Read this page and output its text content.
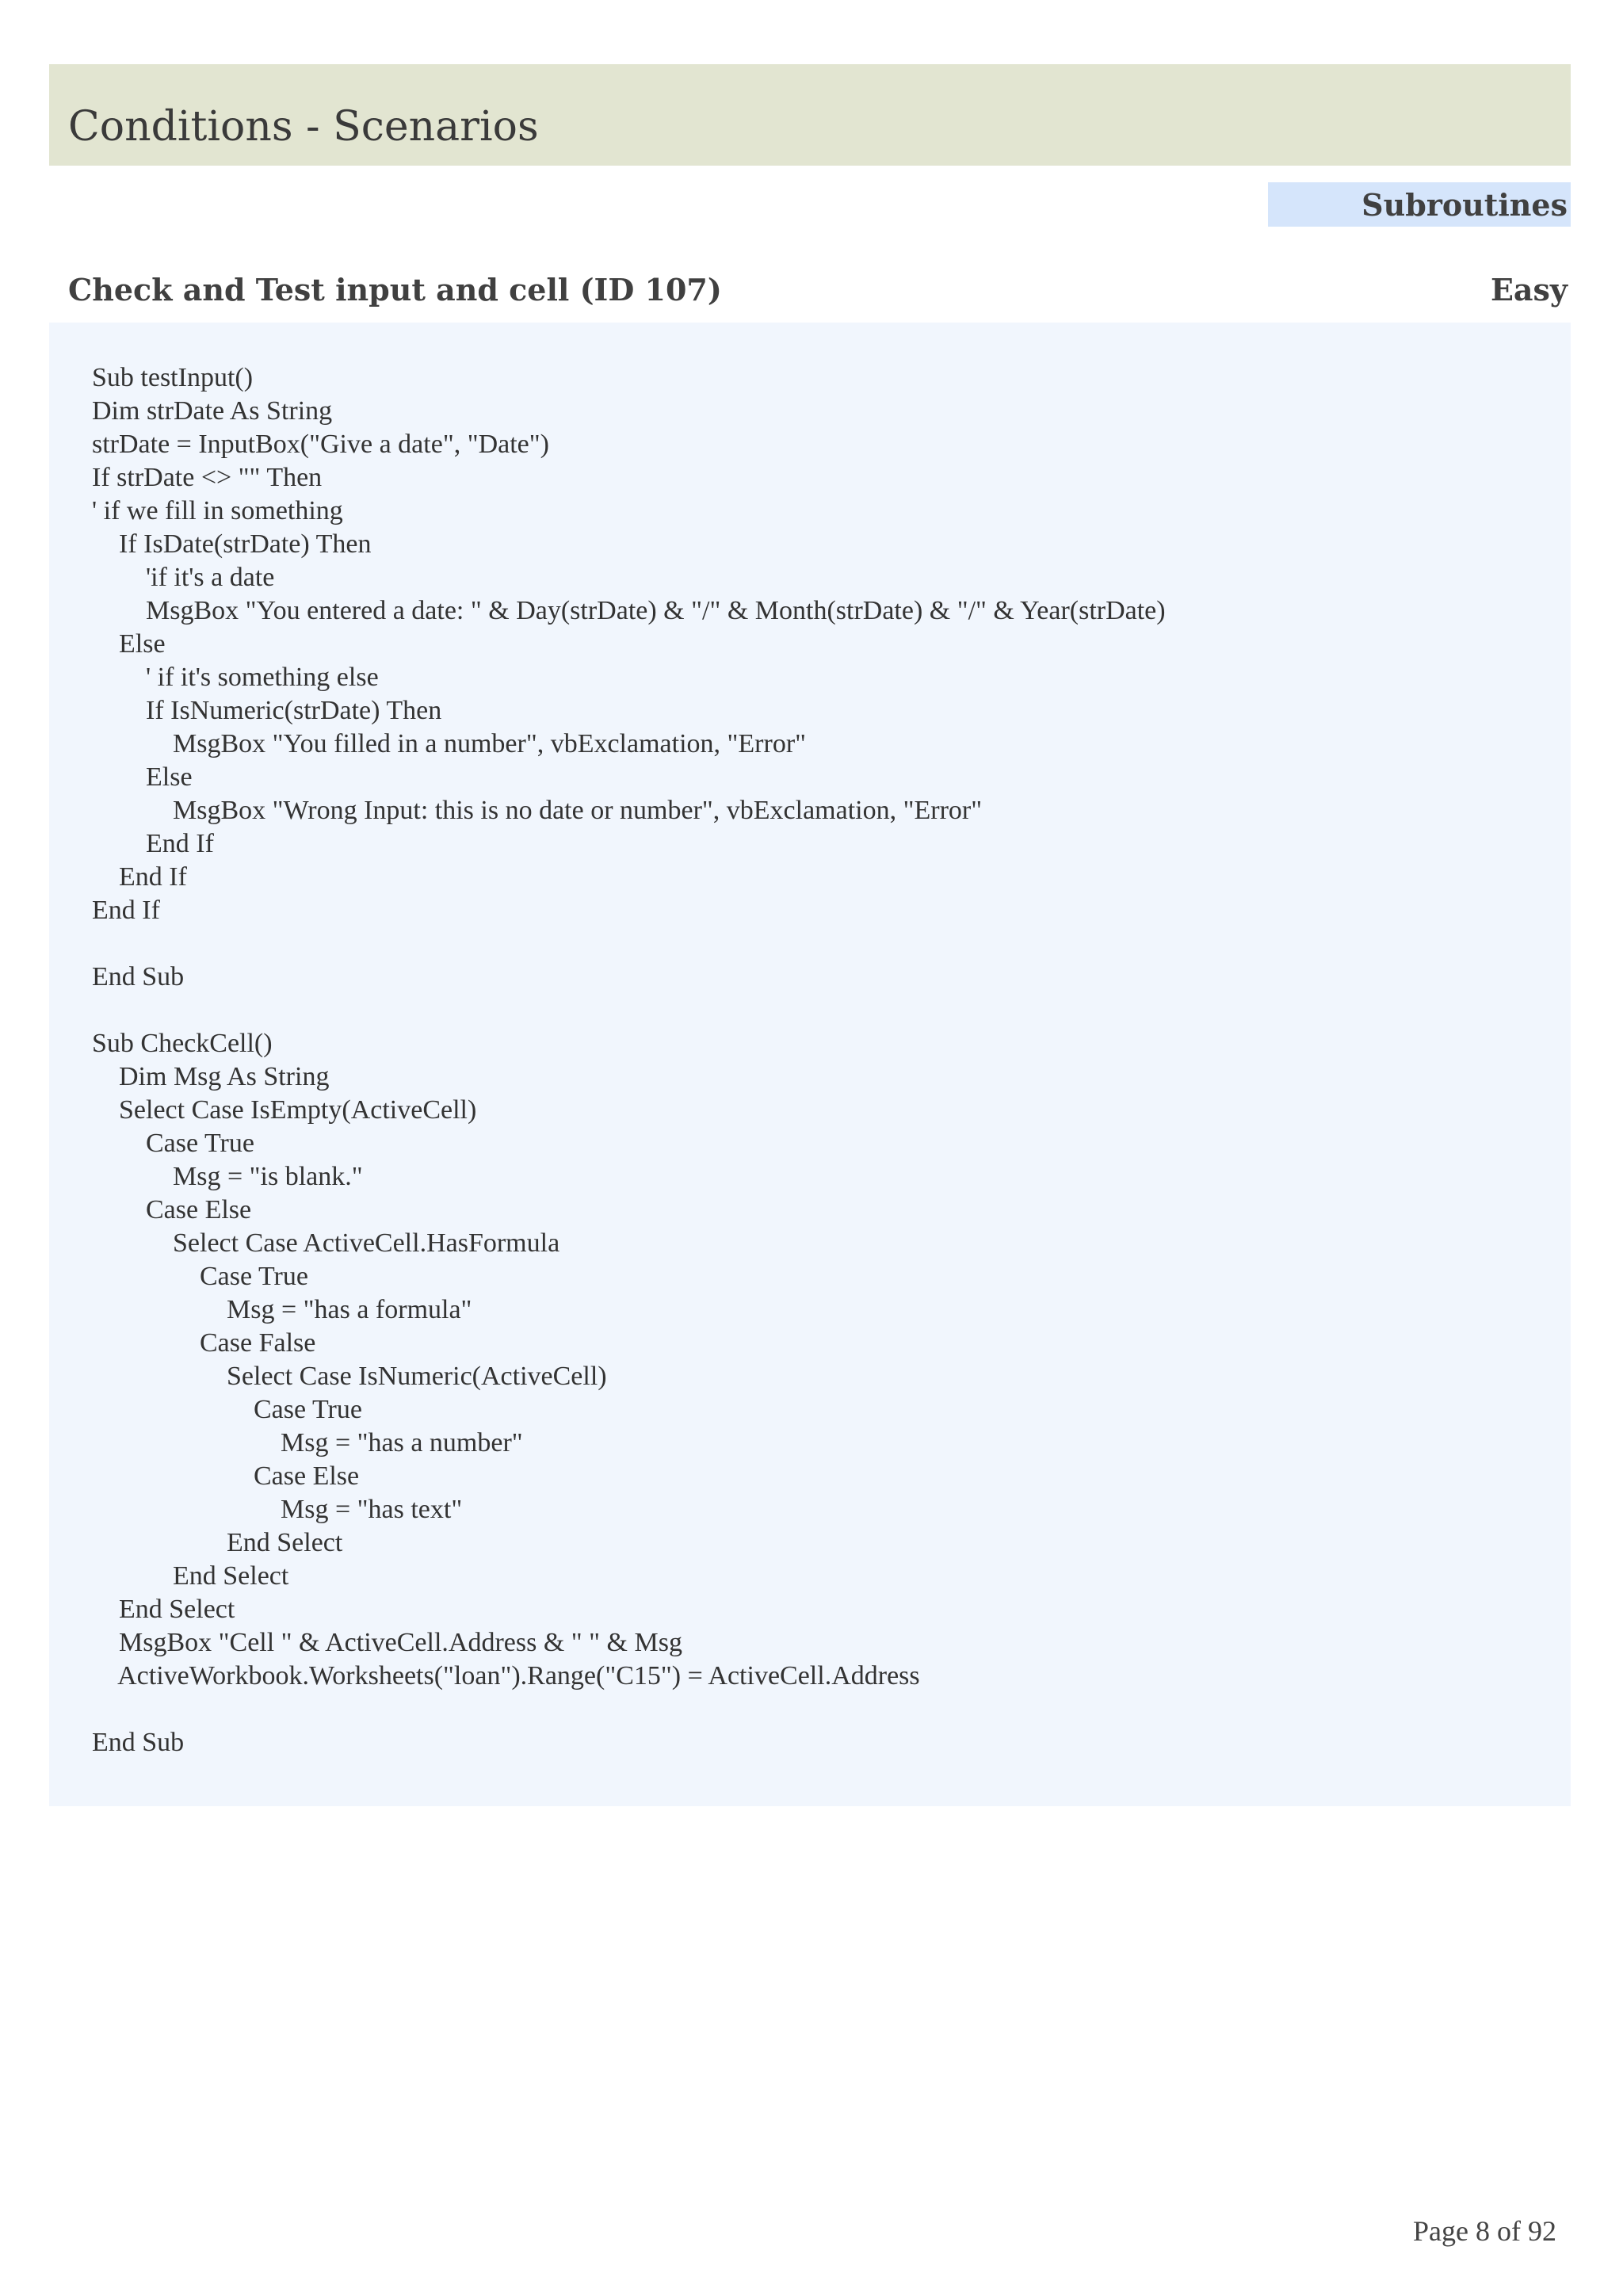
Conditions - Scenarios
Subroutines
Check and Test input and cell (ID 107)	Easy
Sub testInput()
Dim strDate As String
strDate = InputBox("Give a date", "Date")
If strDate <> "" Then
' if we fill in something
If IsDate(strDate) Then
'if it's a date
MsgBox "You entered a date: " & Day(strDate) & "/" & Month(strDate) & "/" & Year(strDate)
Else
' if it's something else
If IsNumeric(strDate) Then
MsgBox "You filled in a number", vbExclamation, "Error"
Else
MsgBox "Wrong Input: this is no date or number", vbExclamation, "Error"
End If
End If
End If
End Sub
Sub CheckCell()
Dim Msg As String
Select Case IsEmpty(ActiveCell)
Case True
Msg = "is blank."
Case Else
Select Case ActiveCell.HasFormula
Case True
Msg = "has a formula"
Case False
Select Case IsNumeric(ActiveCell)
Case True
Msg = "has a number"
Case Else
Msg = "has text"
End Select
End Select
End Select
MsgBox "Cell " & ActiveCell.Address & " " & Msg
ActiveWorkbook.Worksheets("loan").Range("C15") = ActiveCell.Address
End Sub
Page 8 of 92
